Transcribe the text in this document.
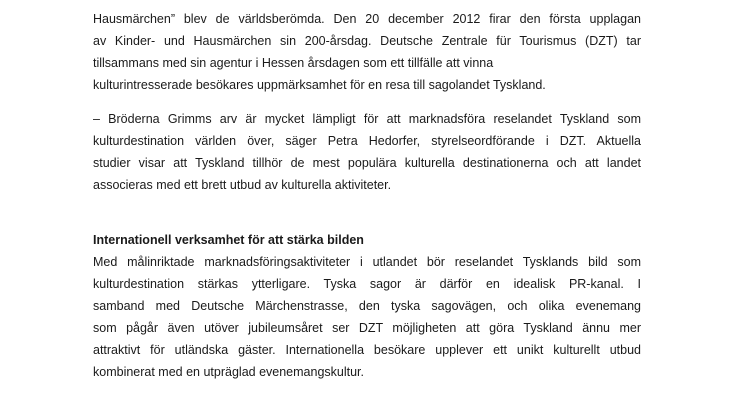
Hausmärchen” blev de världsberömda. Den 20 december 2012 firar den första upplagan
av Kinder- und Hausmärchen sin 200-årsdag. Deutsche Zentrale für Tourismus (DZT) tar
tillsammans med sin agentur i Hessen årsdagen som ett tillfälle att vinna
kulturintresserade besökares uppmärksamhet för en resa till sagolandet Tyskland.
– Bröderna Grimms arv är mycket lämpligt för att marknadsföra reselandet Tyskland som
kulturdestination världen över, säger Petra Hedorfer, styrelseordförande i DZT. Aktuella
studier visar att Tyskland tillhör de mest populära kulturella destinationerna och att landet
associeras med ett brett utbud av kulturella aktiviteter.
Internationell verksamhet för att stärka bilden
Med målinriktade marknadsföringsaktiviteter i utlandet bör reselandet Tysklands bild som
kulturdestination stärkas ytterligare. Tyska sagor är därför en idealisk PR-kanal. I
samband med Deutsche Märchenstrasse, den tyska sagovägen, och olika evenemang
som pågår även utöver jubileumsåret ser DZT möjligheten att göra Tyskland ännu mer
attraktivt för utländska gäster. Internationella besökare upplever ett unikt kulturellt utbud
kombinerat med en utpräglad evenemangskultur.
